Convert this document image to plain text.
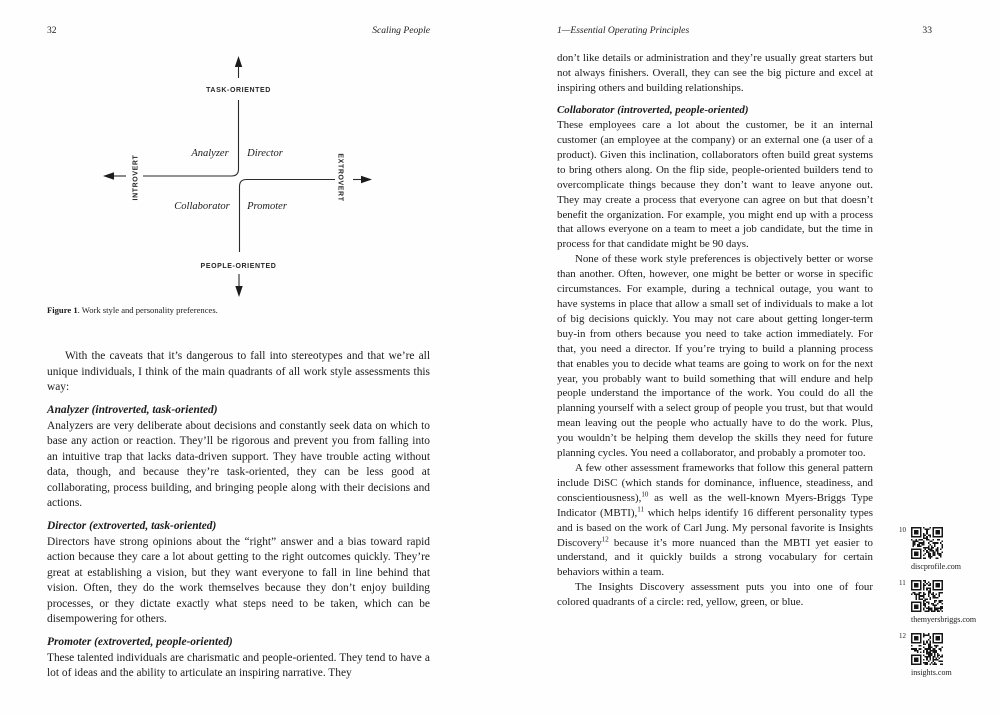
32	Scaling People
TASK-ORIENTED
INTROVERT	EXTROVERT
PEOPLE-ORIENTED
Analyzer Director
Collaborator Promoter

Figure 1. Work style and personality preferences.

With the caveats that it’s dangerous to fall into stereotypes and that we’re all unique individuals, I think of the main quadrants of all work style assessments this way:

Analyzer (introverted, task-oriented)

Analyzers are very deliberate about decisions and constantly seek data on which to base any action or reaction. They’ll be rigorous and prevent you from falling into an intuitive trap that lacks data-driven support. They have trouble acting without data, though, and because they’re task-oriented, they can be less good at collaborating, process building, and bringing people along with their decisions and actions.

Director (extroverted, task-oriented)

Directors have strong opinions about the “right” answer and a bias toward rapid action because they care a lot about getting to the right outcomes quickly. They’re great at establishing a vision, but they want everyone to fall in line behind that vision. Often, they do the work themselves because they don’t enjoy building processes, or they dictate exactly what steps need to be taken, which can be disempowering for others.

Promoter (extroverted, people-oriented)

These talented individuals are charismatic and people-oriented. They tend to have a lot of ideas and the ability to articulate an inspiring narrative. They

1—Essential Operating Principles	33

don’t like details or administration and they’re usually great starters but not always finishers. Overall, they can see the big picture and excel at inspiring others and building relationships.

Collaborator (introverted, people-oriented)

These employees care a lot about the customer, be it an internal customer (an employee at the company) or an external one (a user of a product). Given this inclination, collaborators often build great systems to bring others along. On the flip side, people-oriented builders tend to overcomplicate things because they don’t want to leave anyone out. They may create a process that everyone can agree on but that doesn’t benefit the organization. For example, you might end up with a process that allows everyone on a team to meet a job candidate, but the time in process for that candidate might be 90 days.

None of these work style preferences is objectively better or worse than another. Often, however, one might be better or worse in specific circumstances. For example, during a technical outage, you want to have systems in place that allow a small set of individuals to make a lot of big decisions quickly. You may not care about getting longer-term buy-in from others because you need to take action immediately. For that, you need a director. If you’re trying to build a planning process that enables you to decide what teams are going to work on for the next year, you probably want to build something that will endure and help people understand the importance of the work. You could do all the planning yourself with a select group of people you trust, but that would mean leaving out the people who actually have to do the work. Plus, you wouldn’t be helping them develop the skills they need for future planning cycles. You need a collaborator, and probably a promoter too.

A few other assessment frameworks that follow this general pattern include DiSC (which stands for dominance, influence, steadiness, and conscientiousness),$^{10}$ as well as the well-known Myers-Briggs Type Indicator (MBTI),$^{11}$ which helps identify 16 different personality types and is based on the work of Carl Jung. My personal favorite is Insights Discovery$^{12}$ because it’s more nuanced than the MBTI yet easier to understand, and it quickly builds a strong vocabulary for certain behaviors within a team.

The Insights Discovery assessment puts you into one of four colored quadrants of a circle: red, yellow, green, or blue.

10
discprofile.com
11
themyersbriggs.com
12
insights.com
